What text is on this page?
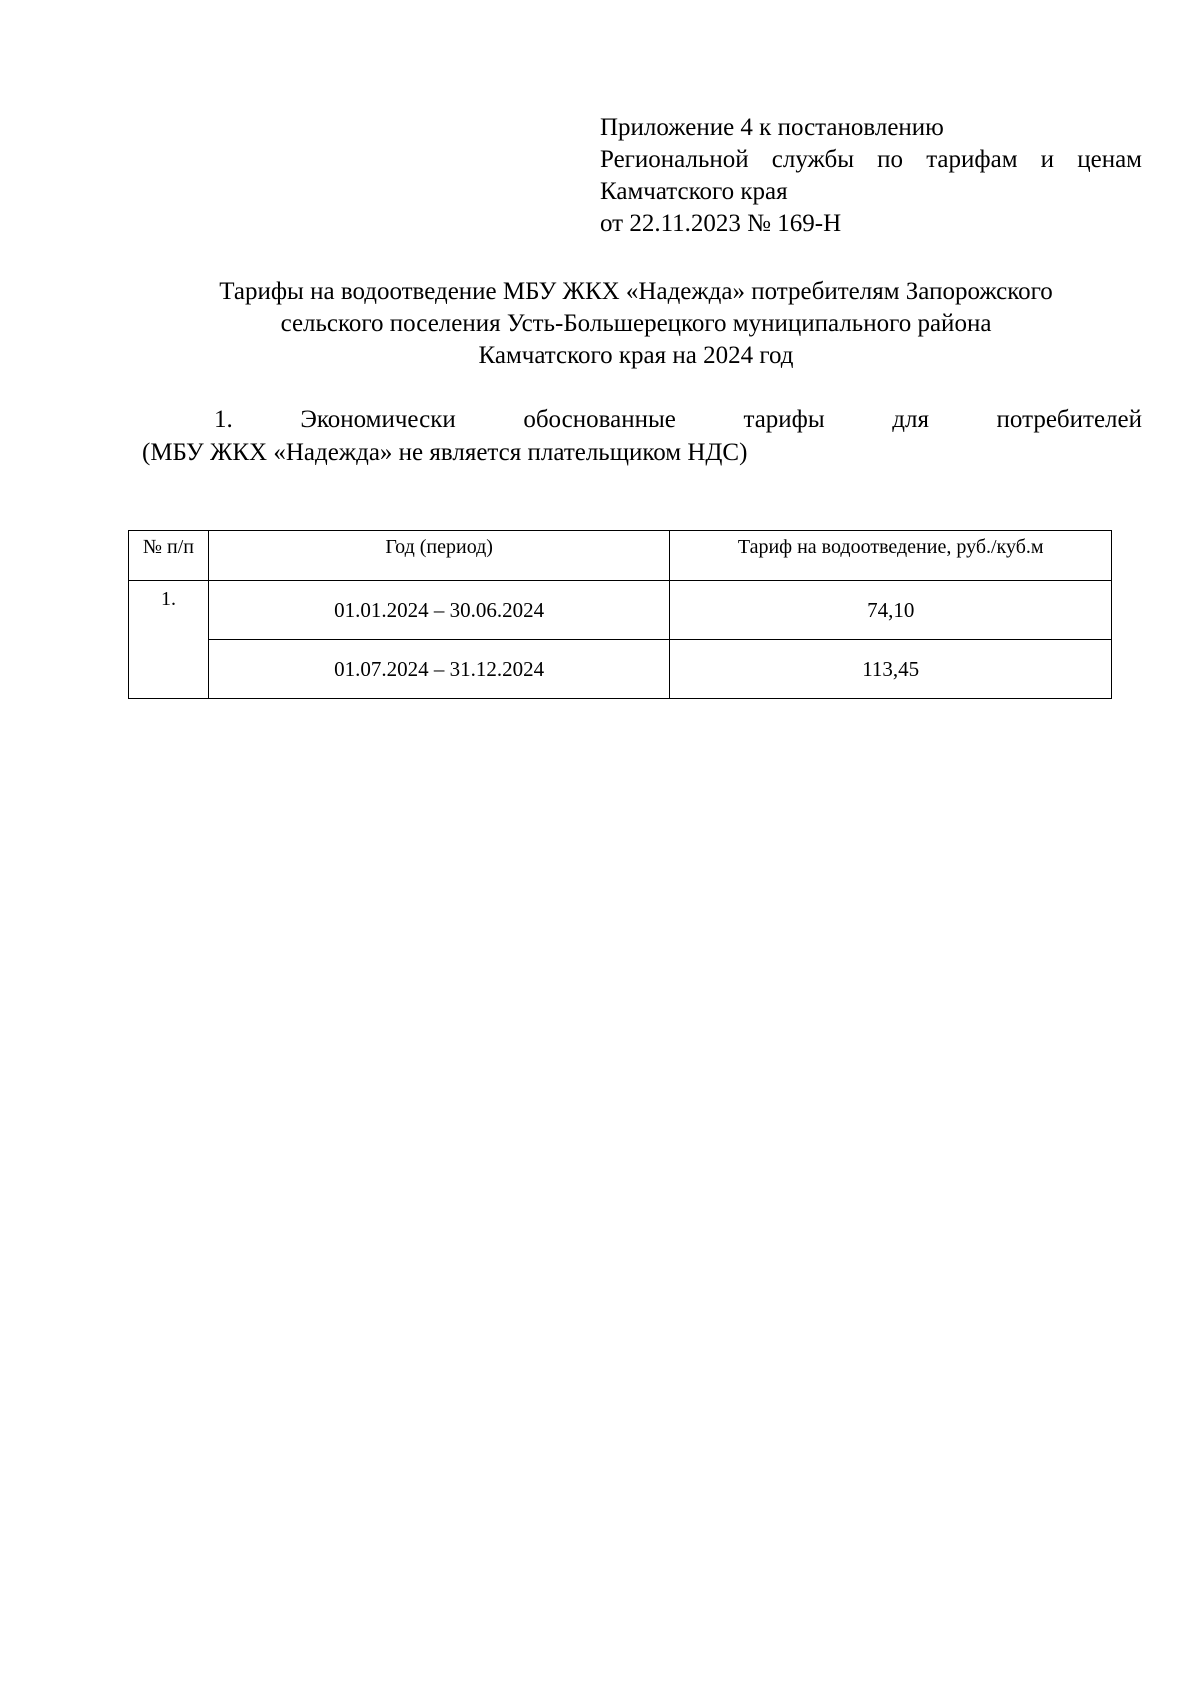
Приложение 4 к постановлению
Региональной службы по тарифам и ценам
Камчатского края
от 22.11.2023 № 169-Н
Тарифы на водоотведение МБУ ЖКХ «Надежда» потребителям Запорожского
сельского поселения Усть-Большерецкого муниципального района
Камчатского края на 2024 год
1. Экономически обоснованные тарифы для потребителей
(МБУ ЖКХ «Надежда» не является плательщиком НДС)
№ п/п	Год (период)	Тариф на водоотведение, руб./куб.м
1.	01.01.2024 – 30.06.2024	74,10
	01.07.2024 – 31.12.2024	113,45
